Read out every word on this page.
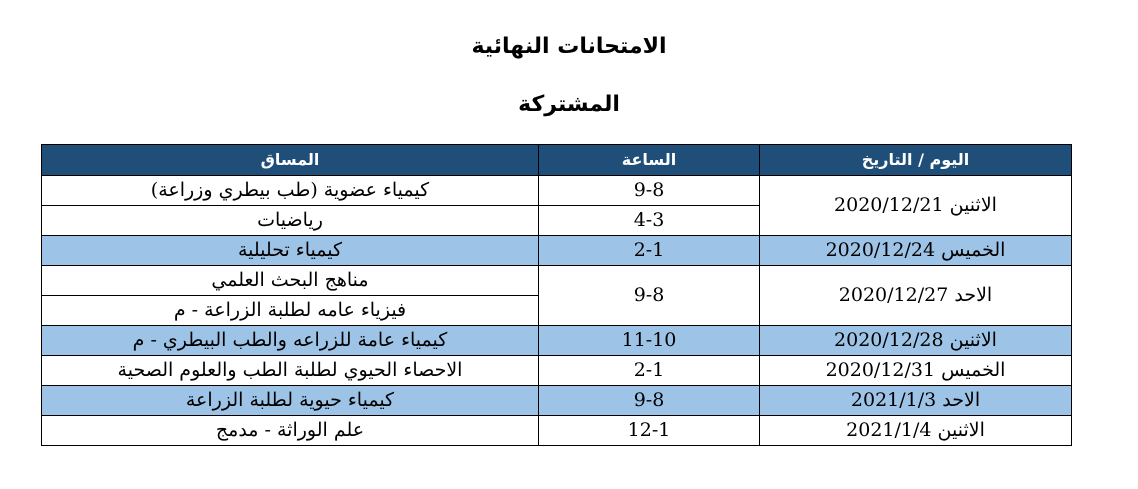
الامتحانات النهائية
المشتركة
اليوم / التاريخ	الساعة	المساق
الاثنين 2020/12/21	9-8	كيمياء عضوية (طب بيطري وزراعة)
	4-3	رياضيات
الخميس 2020/12/24	2-1	كيمياء تحليلية
الاحد 2020/12/27	9-8	مناهج البحث العلمي
		فيزياء عامه لطلبة الزراعة - م
الاثنين 2020/12/28	11-10	كيمياء عامة للزراعه والطب البيطري - م
الخميس 2020/12/31	2-1	الاحصاء الحيوي لطلبة الطب والعلوم الصحية
الاحد 2021/1/3	9-8	كيمياء حيوية لطلبة الزراعة
الاثنين 2021/1/4	12-1	علم الوراثة - مدمج
